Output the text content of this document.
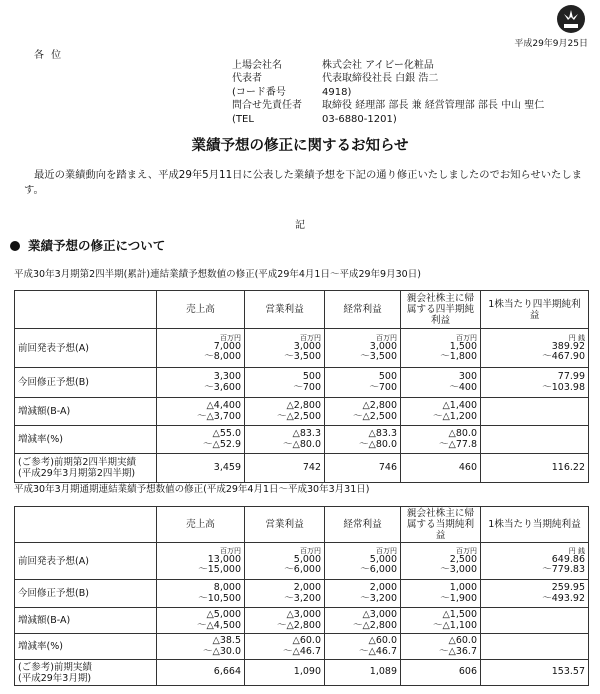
平成29年9月25日
各 位
上場会社名	株式会社 アイビー化粧品
代表者	代表取締役社長 白銀 浩二
(コード番号	4918)
問合せ先責任者	取締役 経理部 部長 兼 経営管理部 部長 中山 聖仁
(TEL	03-6880-1201)
業績予想の修正に関するお知らせ
最近の業績動向を踏まえ、平成29年5月11日に公表した業績予想を下記の通り修正いたしましたのでお知らせいたします。
記
業績予想の修正について
平成30年3月期第2四半期(累計)連結業績予想数値の修正(平成29年4月1日～平成29年9月30日)
	売上高	営業利益	経常利益	親会社株主に帰属する四半期純利益	1株当たり四半期純利益
前回発表予想(A)	百万円
7,000
～8,000	百万円
3,000
～3,500	百万円
3,000
～3,500	百万円
1,500
～1,800	円 銭
389.92
～467.90

今回修正予想(B)	3,300
～3,600	500
～700	500
～700	300
～400	77.99
～103.98

増減額(B-A)	△4,400
～△3,700	△2,800
～△2,500	△2,800
～△2,500	△1,400
～△1,200	

増減率(%)	△55.0
～△52.9	△83.3
～△80.0	△83.3
～△80.0	△80.0
～△77.8	

(ご参考)前期第2四半期実績
(平成29年3月期第2四半期)	3,459	742	746	460	116.22
平成30年3月期通期連結業績予想数値の修正(平成29年4月1日～平成30年3月31日)
	売上高	営業利益	経常利益	親会社株主に帰属する当期純利益	1株当たり当期純利益
前回発表予想(A)	百万円
13,000
～15,000	百万円
5,000
～6,000	百万円
5,000
～6,000	百万円
2,500
～3,000	円 銭
649.86
～779.83

今回修正予想(B)	8,000
～10,500	2,000
～3,200	2,000
～3,200	1,000
～1,900	259.95
～493.92

増減額(B-A)	△5,000
～△4,500	△3,000
～△2,800	△3,000
～△2,800	△1,500
～△1,100	

増減率(%)	△38.5
～△30.0	△60.0
～△46.7	△60.0
～△46.7	△60.0
～△36.7	

(ご参考)前期実績
(平成29年3月期)	6,664	1,090	1,089	606	153.57
